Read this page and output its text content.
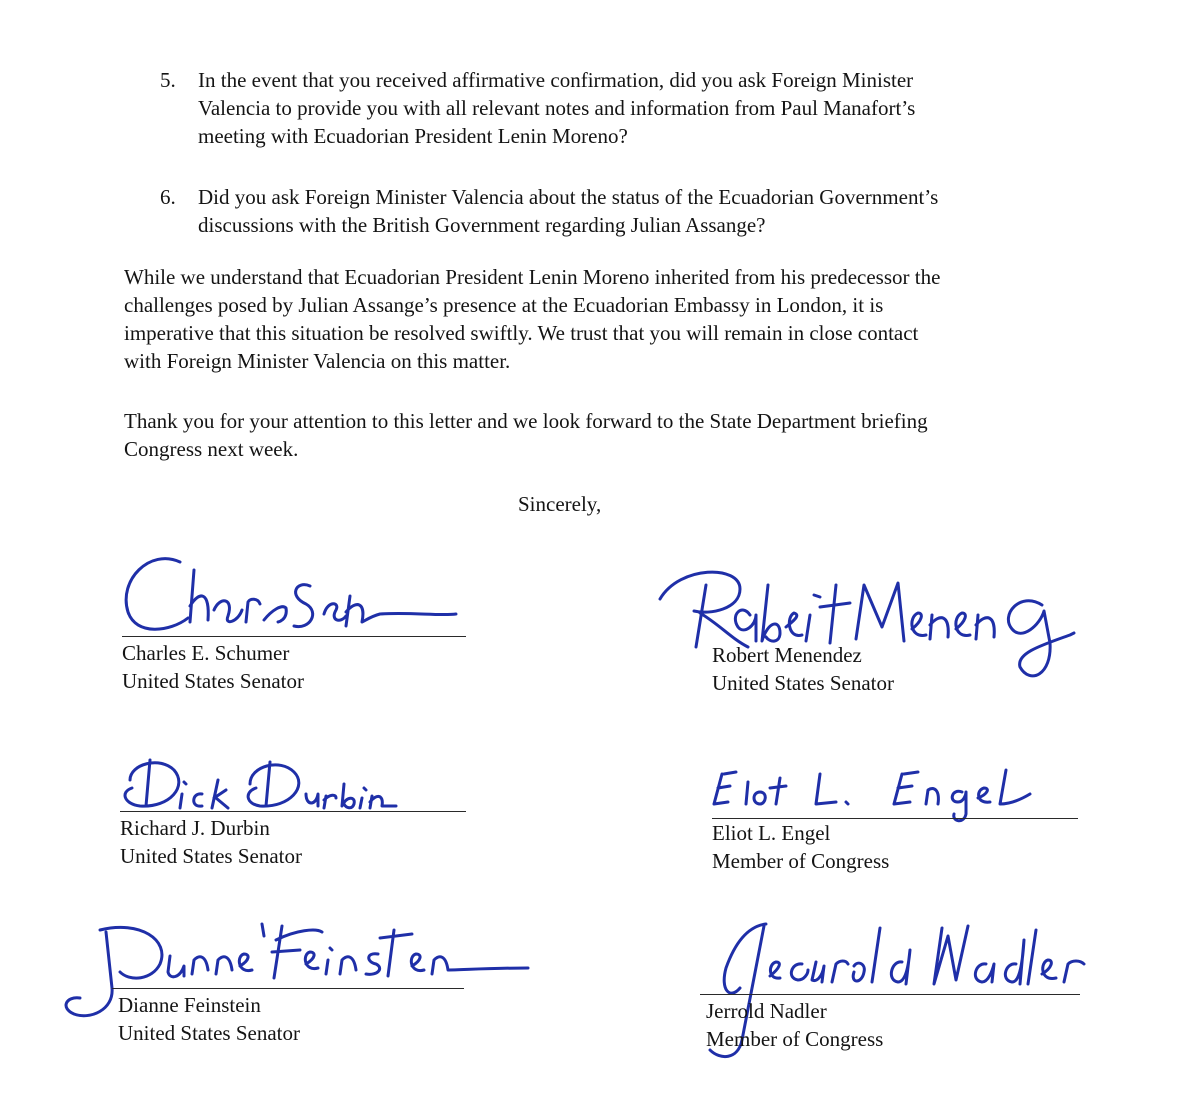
5. In the event that you received affirmative confirmation, did you ask Foreign Minister
Valencia to provide you with all relevant notes and information from Paul Manafort’s
meeting with Ecuadorian President Lenin Moreno?
6. Did you ask Foreign Minister Valencia about the status of the Ecuadorian Government’s
discussions with the British Government regarding Julian Assange?
While we understand that Ecuadorian President Lenin Moreno inherited from his predecessor the
challenges posed by Julian Assange’s presence at the Ecuadorian Embassy in London, it is
imperative that this situation be resolved swiftly. We trust that you will remain in close contact
with Foreign Minister Valencia on this matter.
Thank you for your attention to this letter and we look forward to the State Department briefing
Congress next week.
Sincerely,
Charles E. Schumer
United States Senator
Robert Menendez
United States Senator
Richard J. Durbin
United States Senator
Eliot L. Engel
Member of Congress
Dianne Feinstein
United States Senator
Jerrold Nadler
Member of Congress
